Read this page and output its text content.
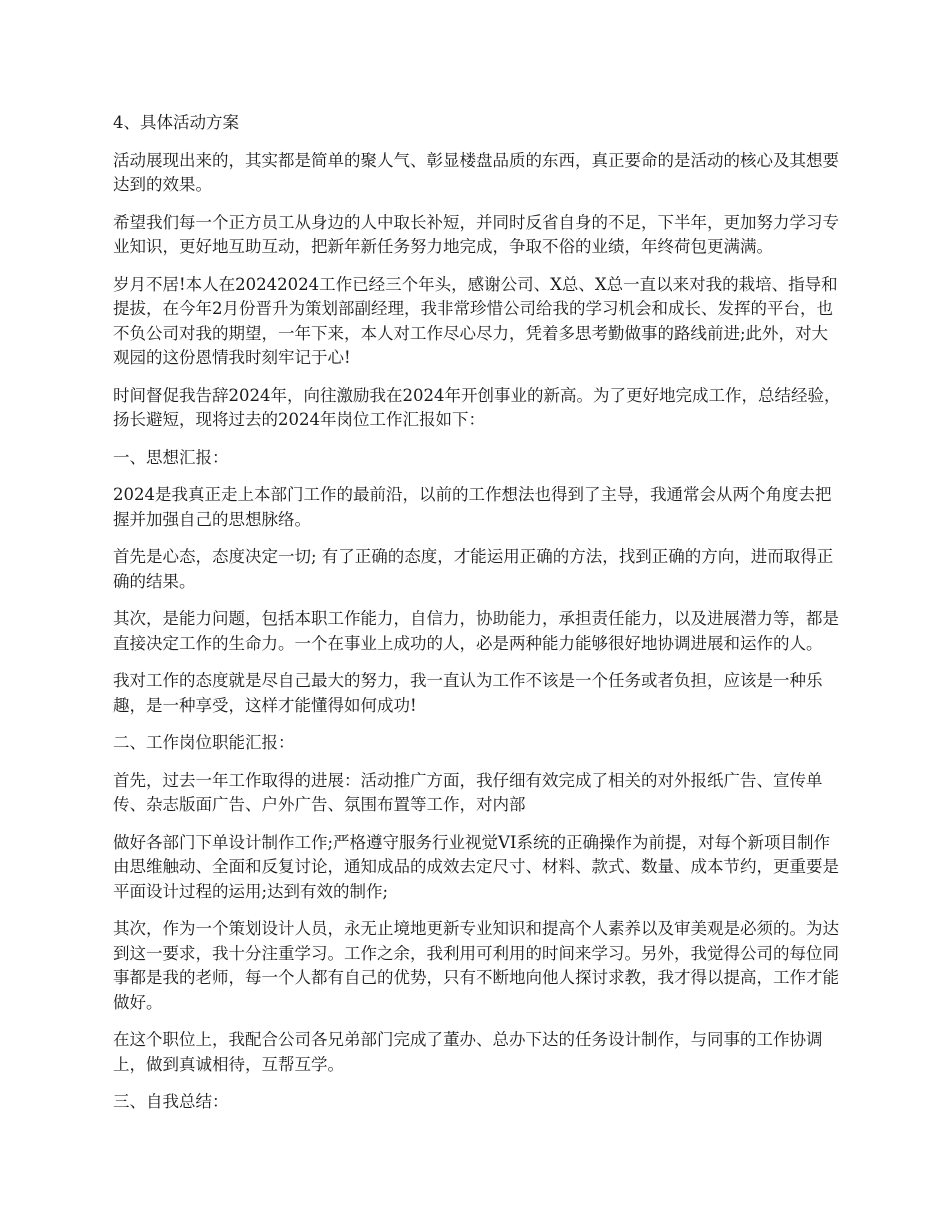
4、具体活动方案

活动展现出来的，其实都是简单的聚人气、彰显楼盘品质的东西，真正要命的是活动的核心及其想要达到的效果。

希望我们每一个正方员工从身边的人中取长补短，并同时反省自身的不足，下半年，更加努力学习专业知识，更好地互助互动，把新年新任务努力地完成，争取不俗的业绩，年终荷包更满满。

岁月不居!本人在20242024工作已经三个年头，感谢公司、X总、X总一直以来对我的栽培、指导和提拔，在今年2月份晋升为策划部副经理，我非常珍惜公司给我的学习机会和成长、发挥的平台，也不负公司对我的期望，一年下来，本人对工作尽心尽力，凭着多思考勤做事的路线前进;此外，对大观园的这份恩情我时刻牢记于心!

时间督促我告辞2024年，向往激励我在2024年开创事业的新高。为了更好地完成工作，总结经验，扬长避短，现将过去的2024年岗位工作汇报如下：

一、思想汇报：

2024是我真正走上本部门工作的最前沿，以前的工作想法也得到了主导，我通常会从两个角度去把握并加强自己的思想脉络。

首先是心态，态度决定一切; 有了正确的态度，才能运用正确的方法，找到正确的方向，进而取得正确的结果。

其次，是能力问题，包括本职工作能力，自信力，协助能力，承担责任能力，以及进展潜力等，都是直接决定工作的生命力。一个在事业上成功的人，必是两种能力能够很好地协调进展和运作的人。

我对工作的态度就是尽自己最大的努力，我一直认为工作不该是一个任务或者负担，应该是一种乐趣，是一种享受，这样才能懂得如何成功!

二、工作岗位职能汇报：

首先，过去一年工作取得的进展：活动推广方面，我仔细有效完成了相关的对外报纸广告、宣传单传、杂志版面广告、户外广告、氛围布置等工作，对内部

做好各部门下单设计制作工作;严格遵守服务行业视觉VI系统的正确操作为前提，对每个新项目制作由思维触动、全面和反复讨论，通知成品的成效去定尺寸、材料、款式、数量、成本节约，更重要是平面设计过程的运用;达到有效的制作;

其次，作为一个策划设计人员，永无止境地更新专业知识和提高个人素养以及审美观是必须的。为达到这一要求，我十分注重学习。工作之余，我利用可利用的时间来学习。另外，我觉得公司的每位同事都是我的老师，每一个人都有自己的优势，只有不断地向他人探讨求教，我才得以提高，工作才能做好。

在这个职位上，我配合公司各兄弟部门完成了董办、总办下达的任务设计制作，与同事的工作协调上，做到真诚相待，互帮互学。

三、自我总结：
